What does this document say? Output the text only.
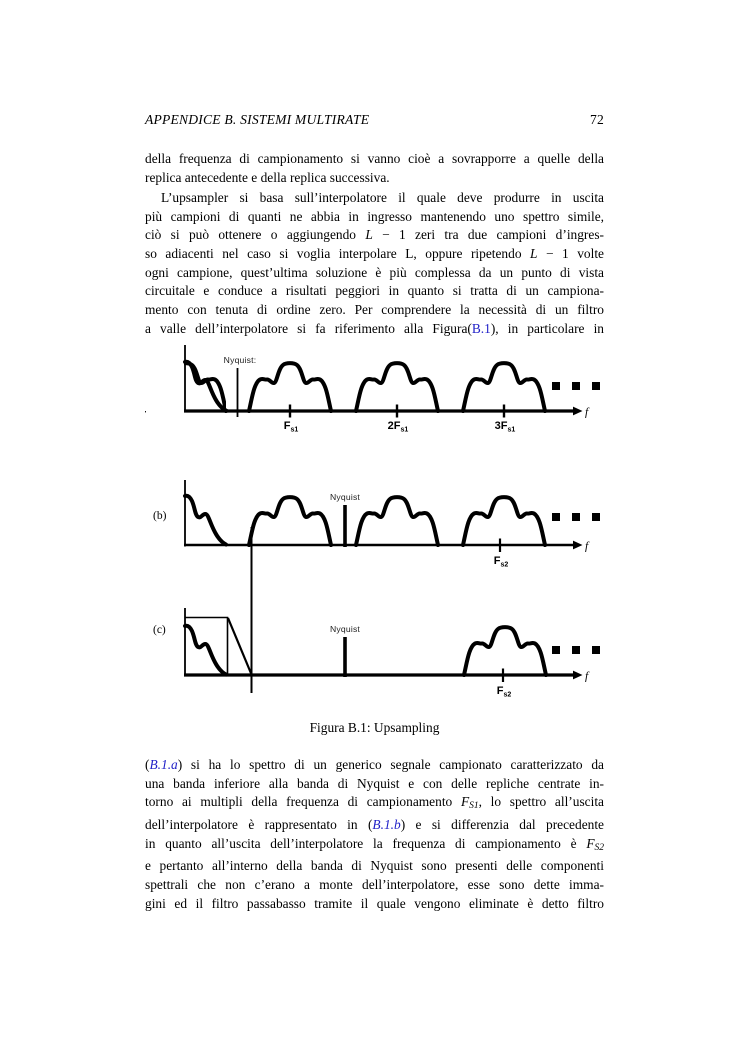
APPENDICE B. SISTEMI MULTIRATE	72
della frequenza di campionamento si vanno cioè a sovrapporre a quelle della
replica antecedente e della replica successiva.
L’upsampler si basa sull’interpolatore il quale deve produrre in uscita
più campioni di quanti ne abbia in ingresso mantenendo uno spettro simile,
ciò si può ottenere o aggiungendo L − 1 zeri tra due campioni d’ingres-
so adiacenti nel caso si voglia interpolare L, oppure ripetendo L − 1 volte
ogni campione, quest’ultima soluzione è più complessa da un punto di vista
circuitale e conduce a risultati peggiori in quanto si tratta di un campiona-
mento con tenuta di ordine zero. Per comprendere la necessità di un filtro
a valle dell’interpolatore si fa riferimento alla Figura(B.1), in particolare in
(B.1.a) si ha lo spettro di un generico segnale campionato caratterizzato da
una banda inferiore alla banda di Nyquist e con delle repliche centrate in-
torno ai multipli della frequenza di campionamento FS1, lo spettro all’uscita
dell’interpolatore è rappresentato in (B.1.b) e si differenzia dal precedente
in quanto all’uscita dell’interpolatore la frequenza di campionamento è FS2
e pertanto all’interno della banda di Nyquist sono presenti delle componenti
spettrali che non c’erano a monte dell’interpolatore, esse sono dette imma-
gini ed il filtro passabasso tramite il quale vengono eliminate è detto filtro
f
Nyquist:
$F_{s1}$	$2F_{s1}$	$3F_{s1}$
(b)
f
Nyquist
$F_{s2}$
(c)
f
Nyquist
$F_{s2}$
Figura B.1: Upsampling
